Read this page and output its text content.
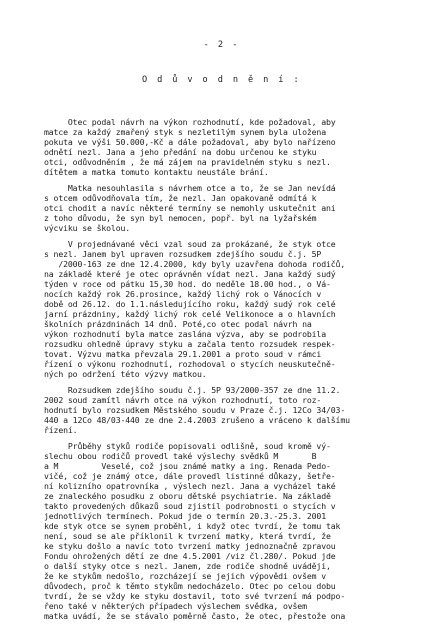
- 2 -
O d ů v o d n ě n í :
Otec podal návrh na výkon rozhodnutí, kde požadoval, aby
matce za každý zmařený styk s nezletilým synem byla uložena
pokuta ve výši 50.000,-Kč a dále požadoval, aby bylo nařízeno
odnětí nezl. Jana a jeho předání na dobu určenou ke styku
otci, odůvodněním , že má zájem na pravidelném styku s nezl.
dítětem a matka tomuto kontaktu neustále brání.
Matka nesouhlasila s návrhem otce a to, že se Jan nevídá
s otcem odůvodňovala tím, že nezl. Jan opakovaně odmítá k
otci chodit a navíc některé termíny se nemohly uskutečnit ani
z toho důvodu, že syn byl nemocen, popř. byl na lyžařském
výcviku se školou.
V projednávané věci vzal soud za prokázané, že styk otce
s nezl. Janem byl upraven rozsudkem zdejšího soudu č.j. 5P
/2000-163 ze dne 12.4.2000, kdy byly uzavřena dohoda rodičů,
na základě které je otec oprávněn vídat nezl. Jana každý sudý
týden v roce od pátku 15,30 hod. do neděle 18.00 hod., o Vá-
nocích každý rok 26.prosince, každý lichý rok o Vánocích v
době od 26.12. do 1.1.následujícího roku, každý sudý rok celé
jarní prázdniny, každý lichý rok celé Velikonoce a o hlavních
školních prázdninách 14 dnů. Poté,co otec podal návrh na
výkon rozhodnutí byla matce zaslána výzva, aby se podrobila
rozsudku ohledně úpravy styku a začala tento rozsudek respek-
tovat. Výzvu matka převzala 29.1.2001 a proto soud v rámci
řízení o výkonu rozhodnutí, rozhodoval o stycích neuskutečně-
ných po održení této výzvy matkou.
Rozsudkem zdejšího soudu č.j. 5P 93/2000-357 ze dne 11.2.
2002 soud zamítl návrh otce na výkon rozhodnutí, toto roz-
hodnutí bylo rozsudkem Městského soudu v Praze č.j. 12Co 34/03-
440 a 12Co 48/03-440 ze dne 2.4.2003 zrušeno a vráceno k dalšímu
řízení.
Průběhy styků rodiče popisovali odlišně, soud kromě vý-
slechu obou rodičů provedl také výslechy svědků M       B
a M         Veselé, což jsou známé matky a ing. Renada Pedo-
vičé, což je známý otce, dále provedl listinné důkazy, šetře-
ní kolizního opatrovníka , výslech nezl. Jana a vycházel také
ze znaleckého posudku z oboru dětské psychiatrie. Na základě
takto provedených důkazů soud zjistil podrobnosti o stycích v
jednotlivých termínech. Pokud jde o termín 20.3.-25.3. 2001
kde styk otce se synem proběhl, i když otec tvrdí, že tomu tak
není, soud se ale příklonil k tvrzení matky, která tvrdí, že
ke styku došlo a navíc toto tvrzení matky jednoznačně zpravou
Fondu ohrožených dětí ze dne 4.5.2001 /viz čl.280/. Pokud jde
o další styky otce s nezl. Janem, zde rodiče shodně uváději,
že ke stykům nedošlo, rozcházejí se jejich výpovědi ovšem v
důvodech, proč k těmto stykům nedocházelo. Otec po celou dobu
tvrdí, že se vždy ke styku dostavil, toto své tvrzení má podpo-
řeno také v některých případech výslechem svědka, ovšem
matka uvádí, že se stávalo poměrně často, že otec, přestože ona
